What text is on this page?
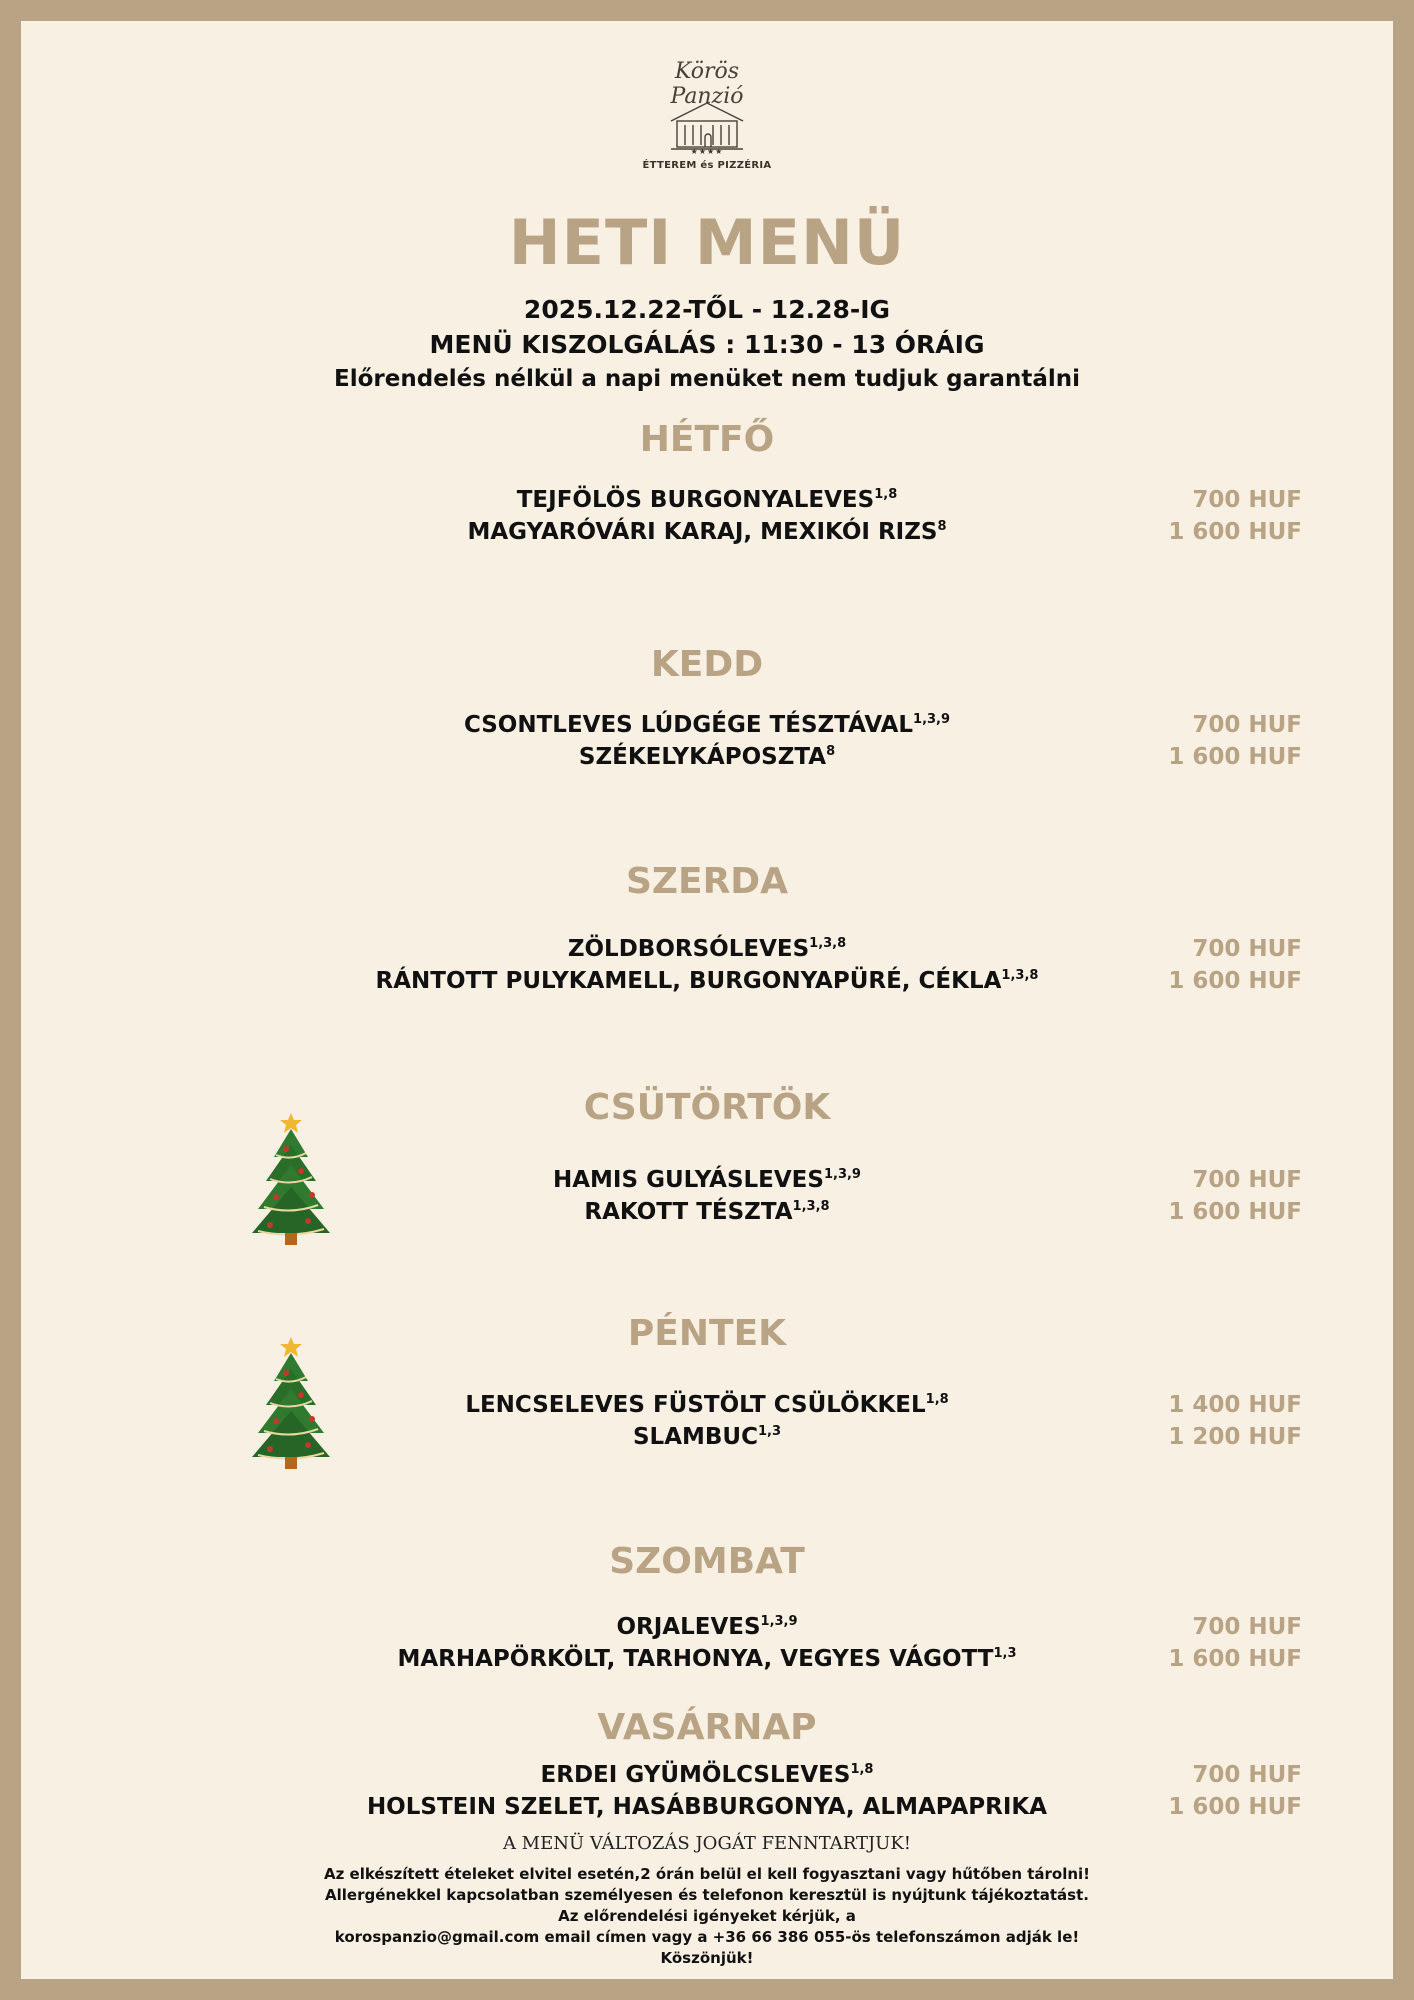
Körös Panzió
★★★★
ÉTTEREM és PIZZÉRIA
HETI MENÜ
2025.12.22-TŐL - 12.28-IG
MENÜ KISZOLGÁLÁS : 11:30 - 13 ÓRÁIG
Előrendelés nélkül a napi menüket nem tudjuk garantálni
HÉTFŐ
TEJFÖLÖS BURGONYALEVES$^{1,8}$	700 HUF
MAGYARÓVÁRI KARAJ, MEXIKÓI RIZS$^8$	1 600 HUF
KEDD
CSONTLEVES LÚDGÉGE TÉSZTÁVAL$^{1,3,9}$	700 HUF
SZÉKELYKÁPOSZTA$^8$	1 600 HUF
SZERDA
ZÖLDBORSÓLEVES$^{1,3,8}$	700 HUF
RÁNTOTT PULYKAMELL, BURGONYAPÜRÉ, CÉKLA$^{1,3,8}$	1 600 HUF
CSÜTÖRTÖK
HAMIS GULYÁSLEVES$^{1,3,9}$	700 HUF
RAKOTT TÉSZTA$^{1,3,8}$	1 600 HUF
PÉNTEK
LENCSELEVES FÜSTÖLT CSÜLÖKKEL$^{1,8}$	1 400 HUF
SLAMBUC$^{1,3}$	1 200 HUF
SZOMBAT
ORJALEVES$^{1,3,9}$	700 HUF
MARHAPÖRKÖLT, TARHONYA, VEGYES VÁGOTT$^{1,3}$	1 600 HUF
VASÁRNAP
ERDEI GYÜMÖLCSLEVES$^{1,8}$	700 HUF
HOLSTEIN SZELET, HASÁBBURGONYA, ALMAPAPRIKA	1 600 HUF
A MENÜ VÁLTOZÁS JOGÁT FENNTARTJUK!
Az elkészített ételeket elvitel esetén,2 órán belül el kell fogyasztani vagy hűtőben tárolni!
Allergénekkel kapcsolatban személyesen és telefonon keresztül is nyújtunk tájékoztatást.
Az előrendelési igényeket kérjük, a
korospanzio@gmail.com email címen vagy a +36 66 386 055-ös telefonszámon adják le!
Köszönjük!
